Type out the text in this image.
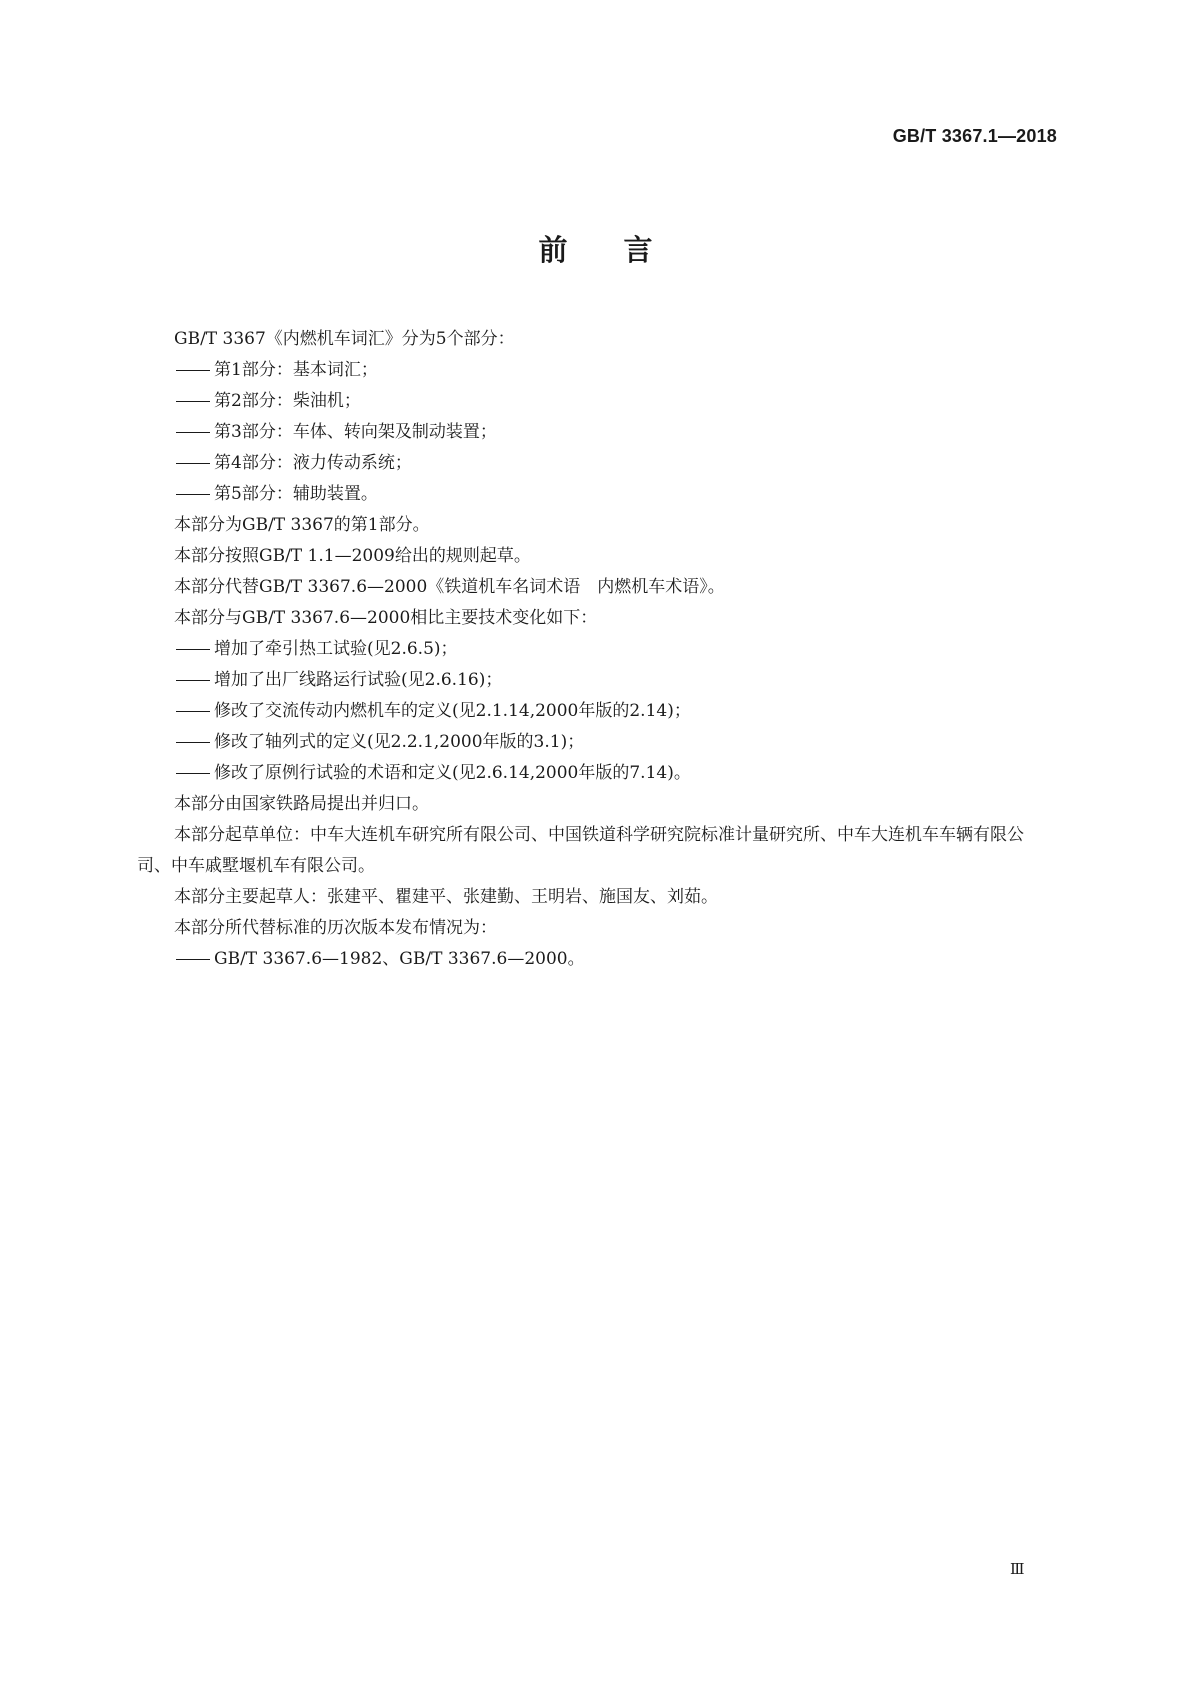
GB/T 3367.1—2018
前言

GB/T 3367《内燃机车词汇》分为5个部分：

第1部分：基本词汇；

第2部分：柴油机；

第3部分：车体、转向架及制动装置；

第4部分：液力传动系统；

第5部分：辅助装置。

本部分为GB/T 3367的第1部分。

本部分按照GB/T 1.1—2009给出的规则起草。

本部分代替GB/T 3367.6—2000《铁道机车名词术语　内燃机车术语》。

本部分与GB/T 3367.6—2000相比主要技术变化如下：

增加了牵引热工试验(见2.6.5)；

增加了出厂线路运行试验(见2.6.16)；

修改了交流传动内燃机车的定义(见2.1.14,2000年版的2.14)；

修改了轴列式的定义(见2.2.1,2000年版的3.1)；

修改了原例行试验的术语和定义(见2.6.14,2000年版的7.14)。

本部分由国家铁路局提出并归口。

本部分起草单位：中车大连机车研究所有限公司、中国铁道科学研究院标准计量研究所、中车大连机车车辆有限公司、中车戚墅堰机车有限公司。

本部分主要起草人：张建平、瞿建平、张建勤、王明岩、施国友、刘茹。

本部分所代替标准的历次版本发布情况为：

GB/T 3367.6—1982、GB/T 3367.6—2000。

Ⅲ
